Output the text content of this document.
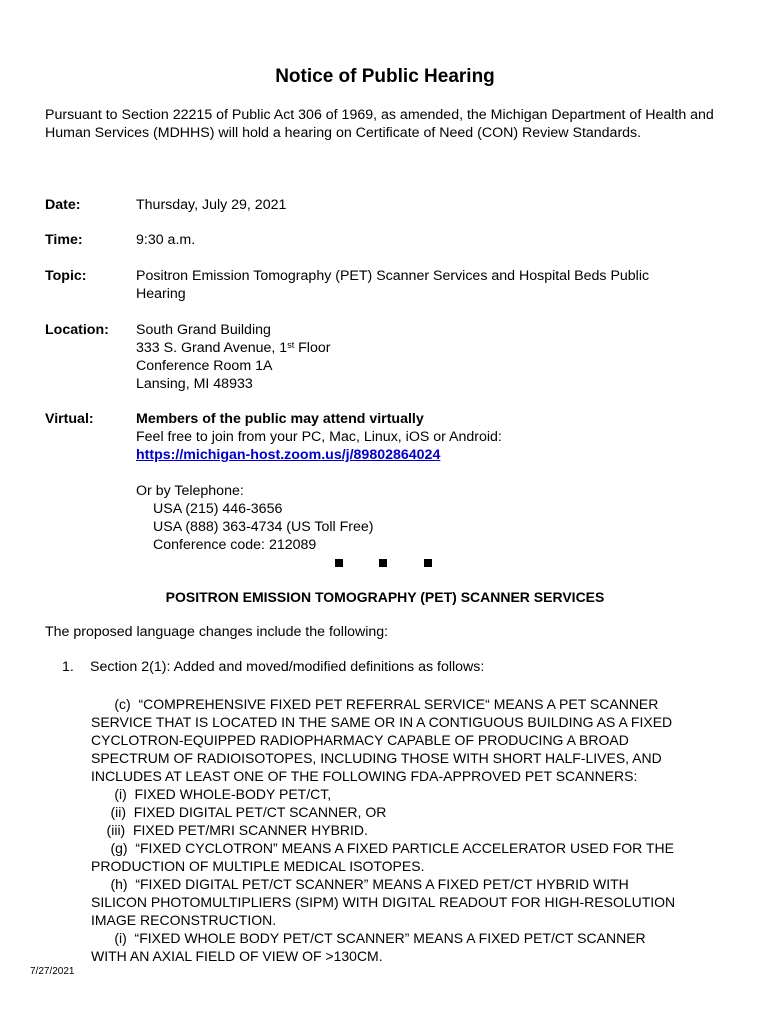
Notice of Public Hearing
Pursuant to Section 22215 of Public Act 306 of 1969, as amended, the Michigan Department of Health and Human Services (MDHHS) will hold a hearing on Certificate of Need (CON) Review Standards.
Date:	Thursday, July 29, 2021
Time:	9:30 a.m.
Topic:	Positron Emission Tomography (PET) Scanner Services and Hospital Beds Public Hearing
Location: South Grand Building
333 S. Grand Avenue, 1st Floor
Conference Room 1A
Lansing, MI 48933
Virtual:	Members of the public may attend virtually
Feel free to join from your PC, Mac, Linux, iOS or Android:
https://michigan-host.zoom.us/j/89802864024
Or by Telephone:
USA (215) 446-3656
USA (888) 363-4734 (US Toll Free)
Conference code: 212089
POSITRON EMISSION TOMOGRAPHY (PET) SCANNER SERVICES
The proposed language changes include the following:
1. Section 2(1): Added and moved/modified definitions as follows:
(c)  “COMPREHENSIVE FIXED PET REFERRAL SERVICE“ MEANS A PET SCANNER
SERVICE THAT IS LOCATED IN THE SAME OR IN A CONTIGUOUS BUILDING AS A FIXED
CYCLOTRON-EQUIPPED RADIOPHARMACY CAPABLE OF PRODUCING A BROAD
SPECTRUM OF RADIOISOTOPES, INCLUDING THOSE WITH SHORT HALF-LIVES, AND
INCLUDES AT LEAST ONE OF THE FOLLOWING FDA-APPROVED PET SCANNERS:
(i)  FIXED WHOLE-BODY PET/CT,
(ii)  FIXED DIGITAL PET/CT SCANNER, OR
(iii)  FIXED PET/MRI SCANNER HYBRID.
(g)  “FIXED CYCLOTRON” MEANS A FIXED PARTICLE ACCELERATOR USED FOR THE
PRODUCTION OF MULTIPLE MEDICAL ISOTOPES.
(h)  “FIXED DIGITAL PET/CT SCANNER” MEANS A FIXED PET/CT HYBRID WITH
SILICON PHOTOMULTIPLIERS (SIPM) WITH DIGITAL READOUT FOR HIGH-RESOLUTION
IMAGE RECONSTRUCTION.
(i)  “FIXED WHOLE BODY PET/CT SCANNER” MEANS A FIXED PET/CT SCANNER
WITH AN AXIAL FIELD OF VIEW OF >130CM.
7/27/2021
